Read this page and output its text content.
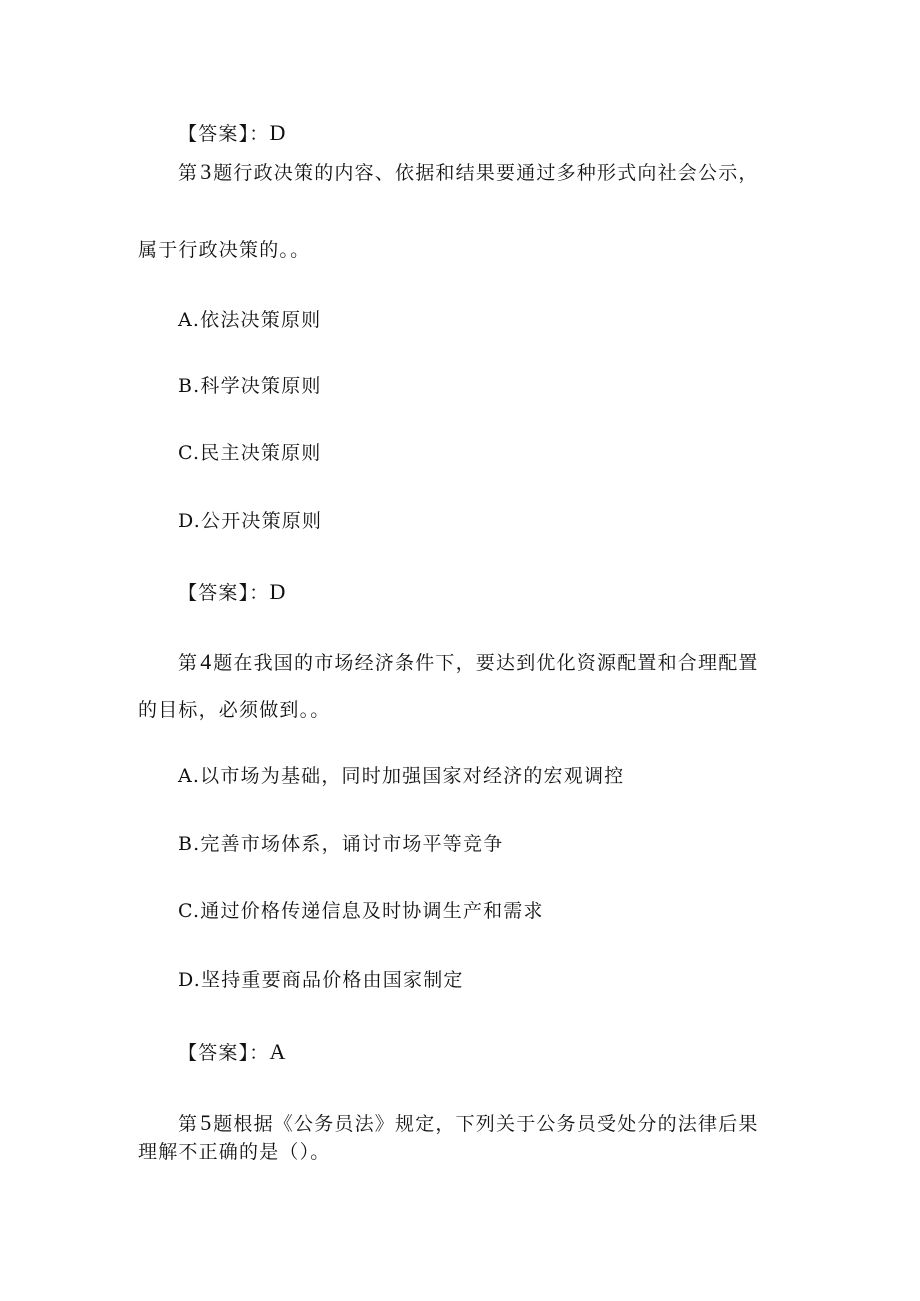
【答案】：D
第3 题行政决策的内容、依据和结果要通过多种形式向社会公示，
属于行政决策的。。
A.依法决策原则
B.科学决策原则
C.民主决策原则
D.公开决策原则
【答案】：D
第4 题在我国的市场经济条件下，要达到优化资源配置和合理配置
的目标，必须做到。。
A.以市场为基础，同时加强国家对经济的宏观调控
B.完善市场体系，诵讨市场平等竞争
C.通过价格传递信息及时协调生产和需求
D.坚持重要商品价格由国家制定
【答案】：A
第5 题根据《公务员法》规定，下列关于公务员受处分的法律后果
理解不正确的是（）。
